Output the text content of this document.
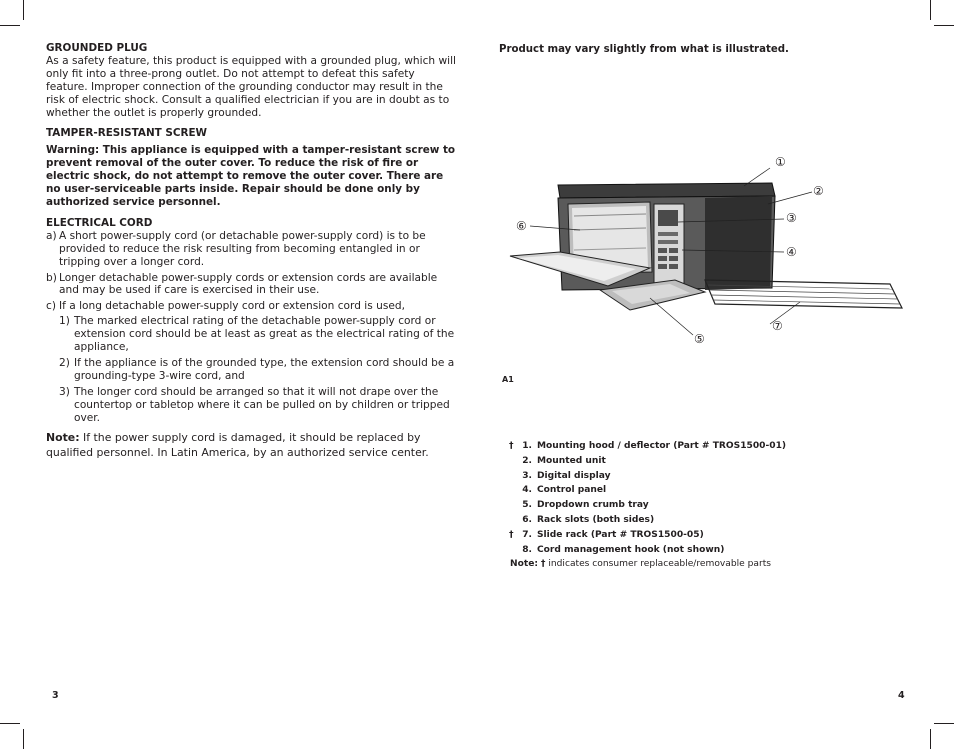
GROUNDED PLUG

As a safety feature, this product is equipped with a grounded plug, which will only fit into a three-prong outlet. Do not attempt to defeat this safety feature. Improper connection of the grounding conductor may result in the risk of electric shock. Consult a qualified electrician if you are in doubt as to whether the outlet is properly grounded.

TAMPER-RESISTANT SCREW

Warning: This appliance is equipped with a tamper-resistant screw to prevent removal of the outer cover. To reduce the risk of fire or electric shock, do not attempt to remove the outer cover. There are no user-serviceable parts inside. Repair should be done only by authorized service personnel.

ELECTRICAL CORD

a) A short power-supply cord (or detachable power-supply cord) is to be provided to reduce the risk resulting from becoming entangled in or tripping over a longer cord.
b) Longer detachable power-supply cords or extension cords are available and may be used if care is exercised in their use.
c) If a long detachable power-supply cord or extension cord is used,
1) The marked electrical rating of the detachable power-supply cord or extension cord should be at least as great as the electrical rating of the appliance,
2) If the appliance is of the grounded type, the extension cord should be a grounding-type 3-wire cord, and
3) The longer cord should be arranged so that it will not drape over the countertop or tabletop where it can be pulled on by children or tripped over.

Note: If the power supply cord is damaged, it should be replaced by qualified personnel. In Latin America, by an authorized service center.

Product may vary slightly from what is illustrated.
①
②
③
④
⑤
⑥
⑦
A1
† 1. Mounting hood / deflector (Part # TROS1500-01)
2. Mounted unit
3. Digital display
4. Control panel
5. Dropdown crumb tray
6. Rack slots (both sides)
† 7. Slide rack (Part # TROS1500-05)
8. Cord management hook (not shown)
Note: † indicates consumer replaceable/removable parts
3	4
